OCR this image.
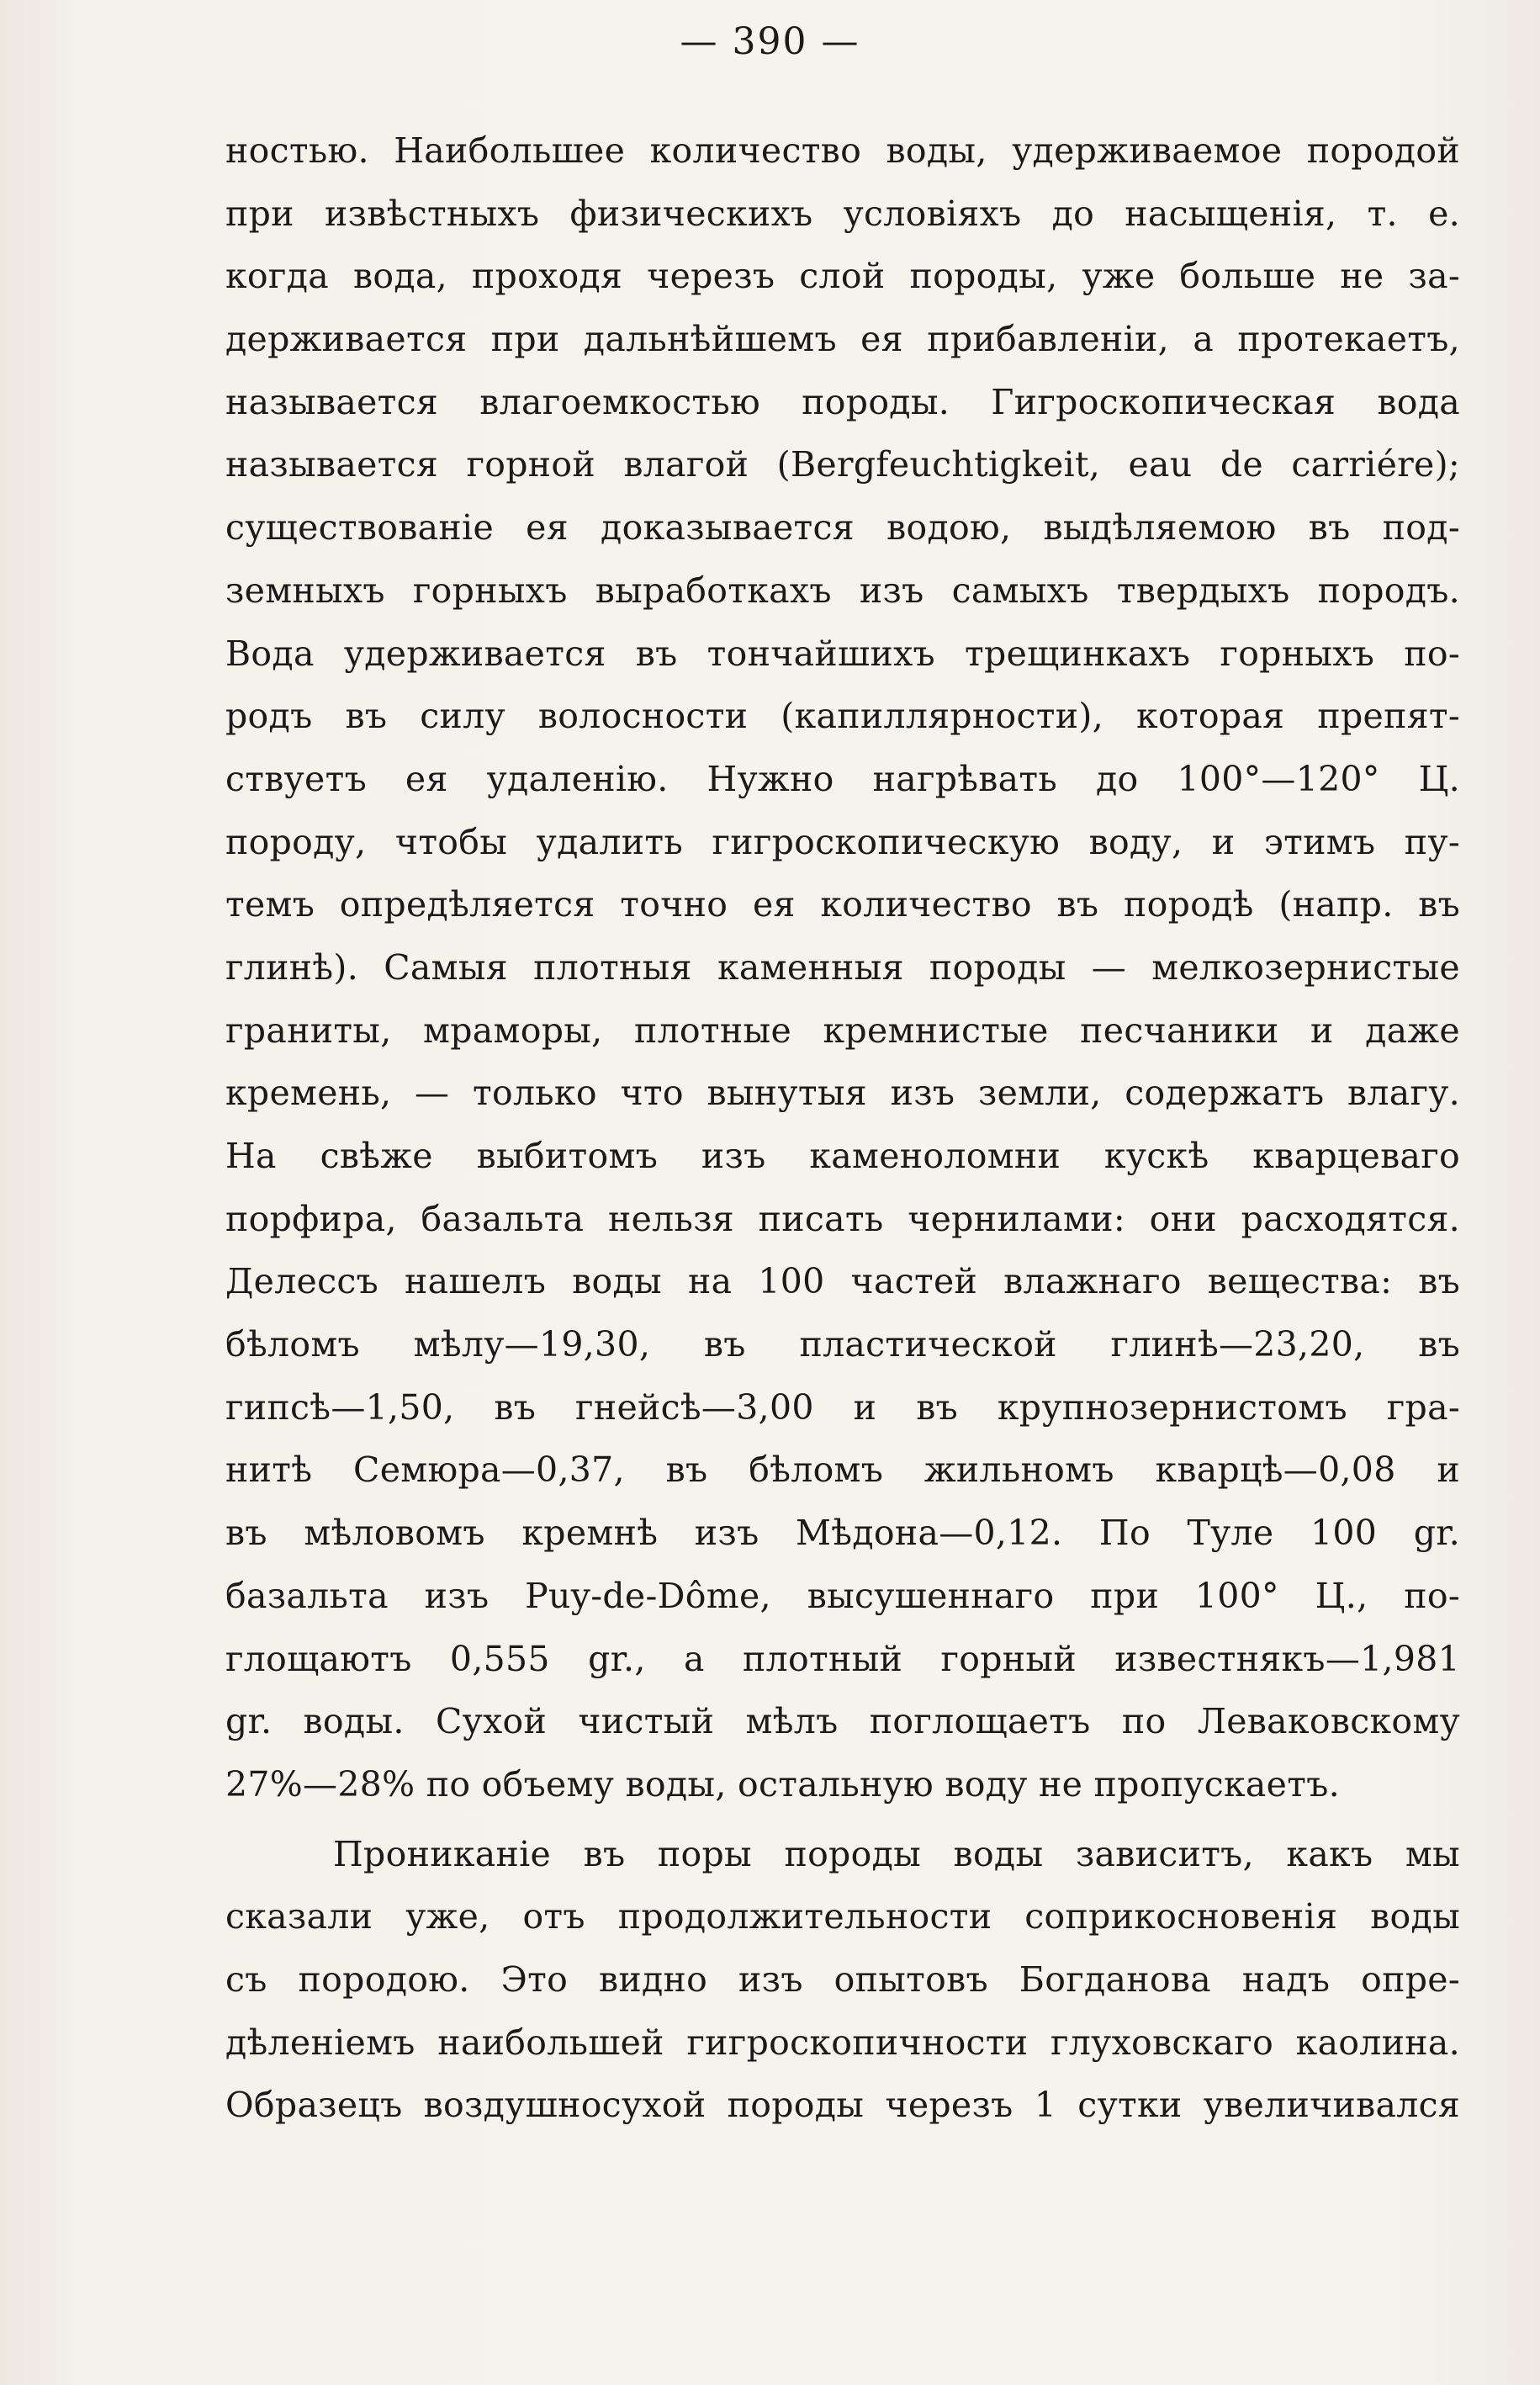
— 390 —
ностью. Наибольшее количество воды, удерживаемое породой
при извѣстныхъ физическихъ условіяхъ до насыщенія, т. е.
когда вода, проходя черезъ слой породы, уже больше не за-
держивается при дальнѣйшемъ ея прибавленіи, а протекаетъ,
называется влагоемкостью породы. Гигроскопическая вода
называется горной влагой (Bergfeuchtigkeit, eau de carriére);
существованіе ея доказывается водою, выдѣляемою въ под-
земныхъ горныхъ выработкахъ изъ самыхъ твердыхъ породъ.
Вода удерживается въ тончайшихъ трещинкахъ горныхъ по-
родъ въ силу волосности (капиллярности), которая препят-
ствуетъ ея удаленію. Нужно нагрѣвать до 100°—120° Ц.
породу, чтобы удалить гигроскопическую воду, и этимъ пу-
темъ опредѣляется точно ея количество въ породѣ (напр. въ
глинѣ). Самыя плотныя каменныя породы — мелкозернистые
граниты, мраморы, плотные кремнистые песчаники и даже
кремень, — только что вынутыя изъ земли, содержатъ влагу.
На свѣже выбитомъ изъ каменоломни кускѣ кварцеваго
порфира, базальта нельзя писать чернилами: они расходятся.
Делессъ нашелъ воды на 100 частей влажнаго вещества: въ
бѣломъ мѣлу—19,30, въ пластической глинѣ—23,20, въ
гипсѣ—1,50, въ гнейсѣ—3,00 и въ крупнозернистомъ гра-
нитѣ Семюра—0,37, въ бѣломъ жильномъ кварцѣ—0,08 и
въ мѣловомъ кремнѣ изъ Мѣдона—0,12. По Туле 100 gr.
базальта изъ Puy-de-Dôme, высушеннаго при 100° Ц., по-
глощаютъ 0,555 gr., а плотный горный известнякъ—1,981
gr. воды. Сухой чистый мѣлъ поглощаетъ по Леваковскому
27%—28% по объему воды, остальную воду не пропускаетъ.
Прониканіе въ поры породы воды зависитъ, какъ мы
сказали уже, отъ продолжительности соприкосновенія воды
съ породою. Это видно изъ опытовъ Богданова надъ опре-
дѣленіемъ наибольшей гигроскопичности глуховскаго каолина.
Образецъ воздушносухой породы черезъ 1 сутки увеличивался
